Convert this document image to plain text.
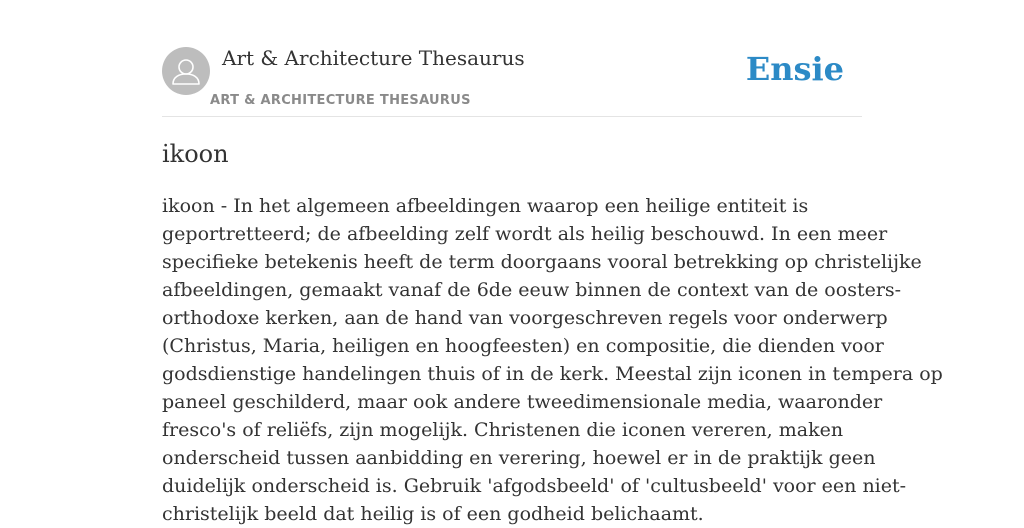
Art & Architecture Thesaurus
ART & ARCHITECTURE THESAURUS
Ensie
ikoon

ikoon - In het algemeen afbeeldingen waarop een heilige entiteit is
geportretteerd; de afbeelding zelf wordt als heilig beschouwd. In een meer
specifieke betekenis heeft de term doorgaans vooral betrekking op christelijke
afbeeldingen, gemaakt vanaf de 6de eeuw binnen de context van de oosters-
orthodoxe kerken, aan de hand van voorgeschreven regels voor onderwerp
(Christus, Maria, heiligen en hoogfeesten) en compositie, die dienden voor
godsdienstige handelingen thuis of in de kerk. Meestal zijn iconen in tempera op
paneel geschilderd, maar ook andere tweedimensionale media, waaronder
fresco's of reliëfs, zijn mogelijk. Christenen die iconen vereren, maken
onderscheid tussen aanbidding en verering, hoewel er in de praktijk geen
duidelijk onderscheid is. Gebruik 'afgodsbeeld' of 'cultusbeeld' voor een niet-
christelijk beeld dat heilig is of een godheid belichaamt.
